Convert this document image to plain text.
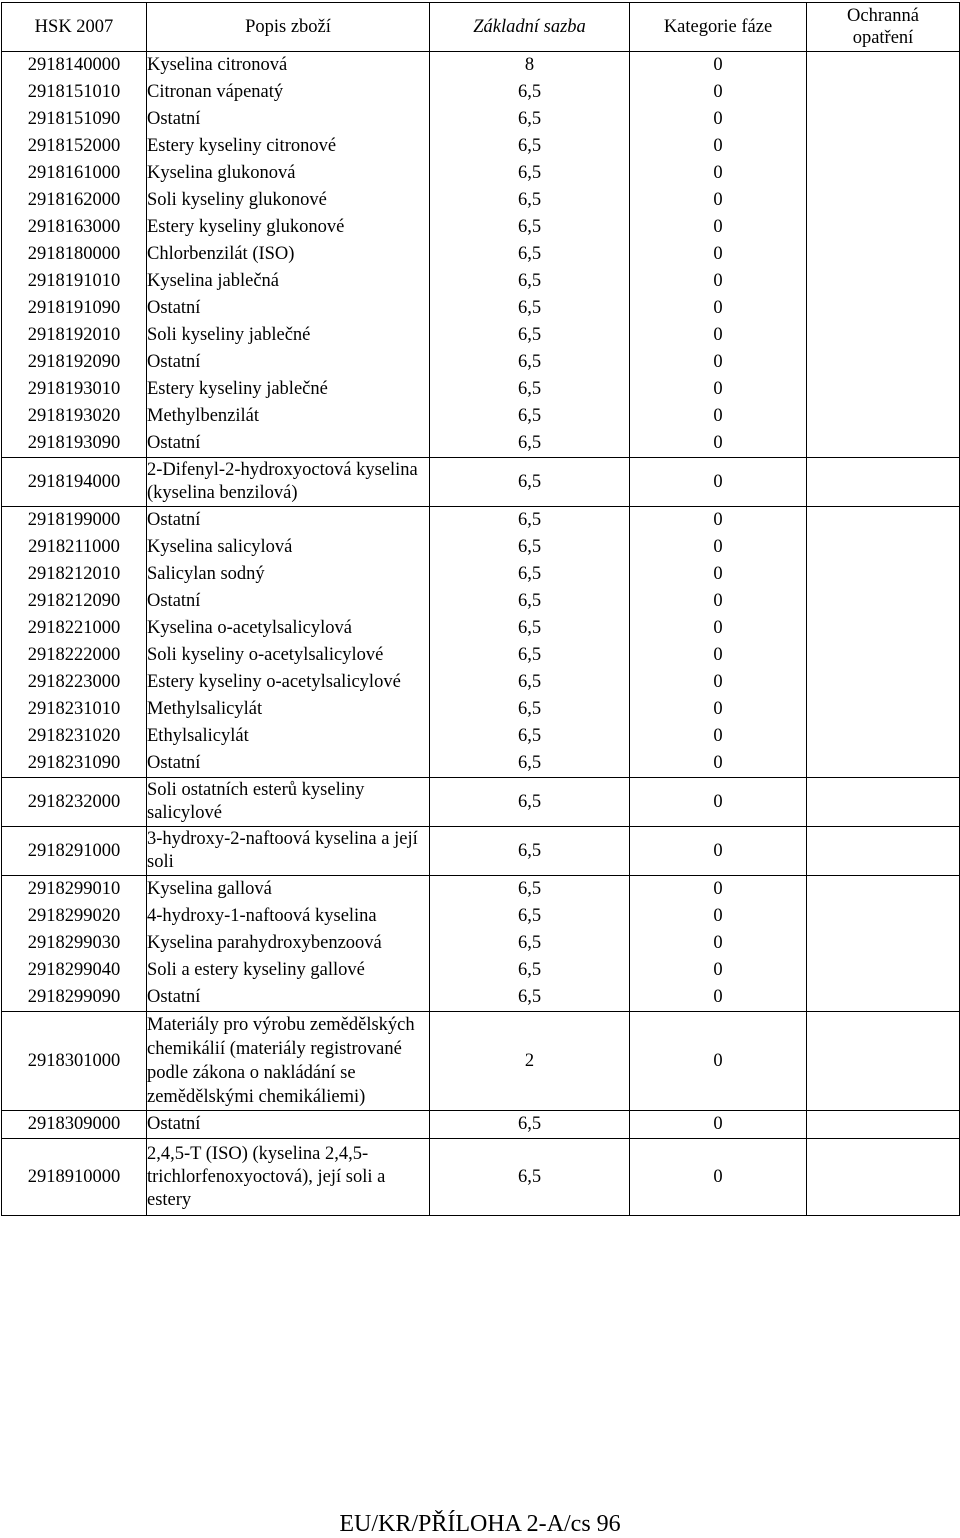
HSK 2007	Popis zboží	Základní sazba	Kategorie fáze	Ochranná opatření
2918140000	Kyselina citronová	8	0	
2918151010	Citronan vápenatý	6,5	0	
2918151090	Ostatní	6,5	0	
2918152000	Estery kyseliny citronové	6,5	0	
2918161000	Kyselina glukonová	6,5	0	
2918162000	Soli kyseliny glukonové	6,5	0	
2918163000	Estery kyseliny glukonové	6,5	0	
2918180000	Chlorbenzilát (ISO)	6,5	0	
2918191010	Kyselina jablečná	6,5	0	
2918191090	Ostatní	6,5	0	
2918192010	Soli kyseliny jablečné	6,5	0	
2918192090	Ostatní	6,5	0	
2918193010	Estery kyseliny jablečné	6,5	0	
2918193020	Methylbenzilát	6,5	0	
2918193090	Ostatní	6,5	0	
2918194000	2-Difenyl-2-hydroxyoctová kyselina (kyselina benzilová)	6,5	0	
2918199000	Ostatní	6,5	0	
2918211000	Kyselina salicylová	6,5	0	
2918212010	Salicylan sodný	6,5	0	
2918212090	Ostatní	6,5	0	
2918221000	Kyselina o-acetylsalicylová	6,5	0	
2918222000	Soli kyseliny o-acetylsalicylové	6,5	0	
2918223000	Estery kyseliny o-acetylsalicylové	6,5	0	
2918231010	Methylsalicylát	6,5	0	
2918231020	Ethylsalicylát	6,5	0	
2918231090	Ostatní	6,5	0	
2918232000	Soli ostatních esterů kyseliny salicylové	6,5	0	
2918291000	3-hydroxy-2-naftoová kyselina a její soli	6,5	0	
2918299010	Kyselina gallová	6,5	0	
2918299020	4-hydroxy-1-naftoová kyselina	6,5	0	
2918299030	Kyselina parahydroxybenzoová	6,5	0	
2918299040	Soli a estery kyseliny gallové	6,5	0	
2918299090	Ostatní	6,5	0	
2918301000	Materiály pro výrobu zemědělských chemikálií (materiály registrované podle zákona o nakládání se zemědělskými chemikáliemi)	2	0	
2918309000	Ostatní	6,5	0	
2918910000	2,4,5-T (ISO) (kyselina 2,4,5-trichlorfenoxyoctová), její soli a estery	6,5	0	
EU/KR/PŘÍLOHA 2-A/cs 96
